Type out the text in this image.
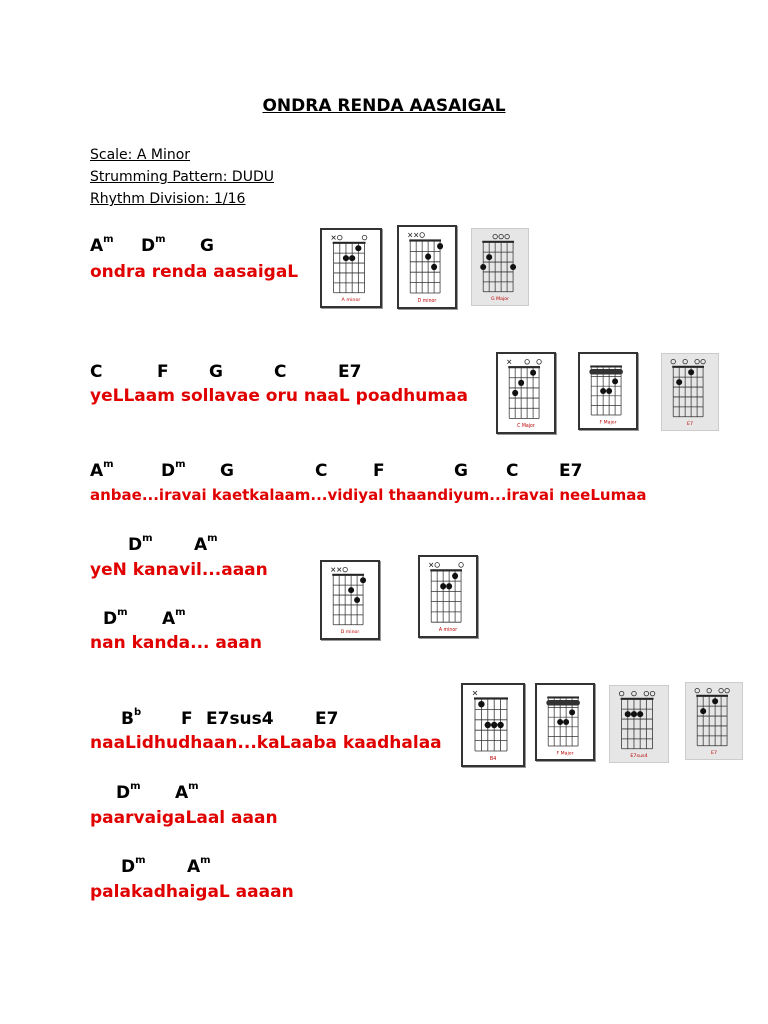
ONDRA RENDA AASAIGAL
Scale: A Minor
Strumming Pattern: DUDU
Rhythm Division: 1/16
$A^m$ $D^m$ G
ondra renda aasaigaL
A minor	D minor	G Major
C	F G	C	E7
yeLLaam sollavae oru naaL poadhumaa
C Major
F Major	E7
$A^m$	$D^m$ G	C	F	G C E7
anbae...iravai kaetkalaam...vidiyal thaandiyum...iravai neeLumaa
$D^m$ $A^m$
yeN kanavil...aaan
D minor	A minor
$D^m$ $A^m$
nan kanda... aaan
$B^b$ F E7sus4 E7
naaLidhudhaan...kaLaaba kaadhalaa
B4
F Major
E7sus4
E7
$D^m$ $A^m$
paarvaigaLaal aaan
$D^m$ $A^m$
palakadhaigaL aaaan
